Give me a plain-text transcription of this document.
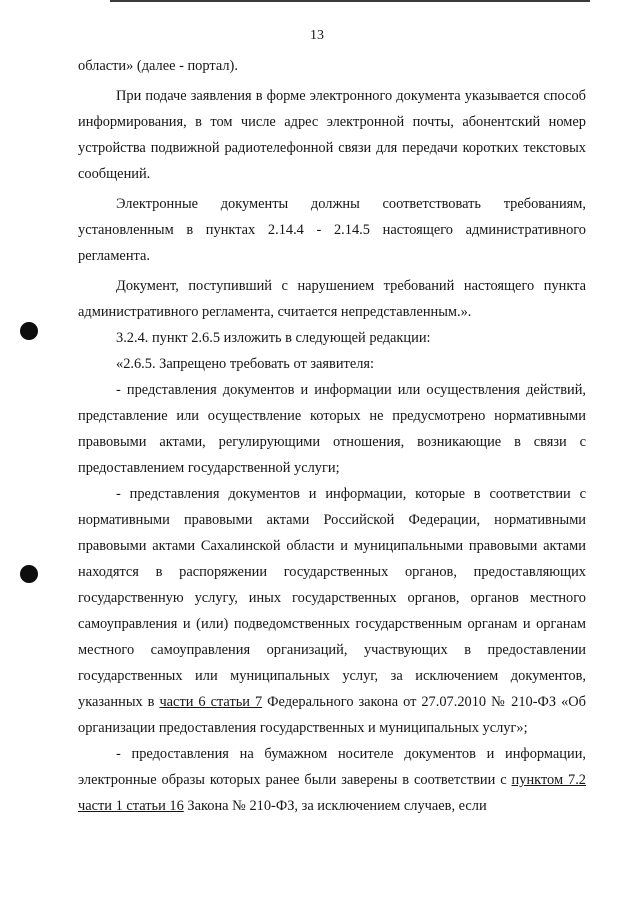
13

области» (далее - портал).

При подаче заявления в форме электронного документа указывается способ информирования, в том числе адрес электронной почты, абонентский номер устройства подвижной радиотелефонной связи для передачи коротких текстовых сообщений.

Электронные документы должны соответствовать требованиям, установленным в пунктах 2.14.4 - 2.14.5 настоящего административного регламента.

Документ, поступивший с нарушением требований настоящего пункта административного регламента, считается непредставленным.».

3.2.4. пункт 2.6.5 изложить в следующей редакции:

«2.6.5. Запрещено требовать от заявителя:

- представления документов и информации или осуществления действий, представление или осуществление которых не предусмотрено нормативными правовыми актами, регулирующими отношения, возникающие в связи с предоставлением государственной услуги;

- представления документов и информации, которые в соответствии с нормативными правовыми актами Российской Федерации, нормативными правовыми актами Сахалинской области и муниципальными правовыми актами находятся в распоряжении государственных органов, предоставляющих государственную услугу, иных государственных органов, органов местного самоуправления и (или) подведомственных государственным органам и органам местного самоуправления организаций, участвующих в предоставлении государственных или муниципальных услуг, за исключением документов, указанных в части 6 статьи 7 Федерального закона от 27.07.2010 № 210-ФЗ «Об организации предоставления государственных и муниципальных услуг»;

- предоставления на бумажном носителе документов и информации, электронные образы которых ранее были заверены в соответствии с пунктом 7.2 части 1 статьи 16 Закона № 210-ФЗ, за исключением случаев, если
